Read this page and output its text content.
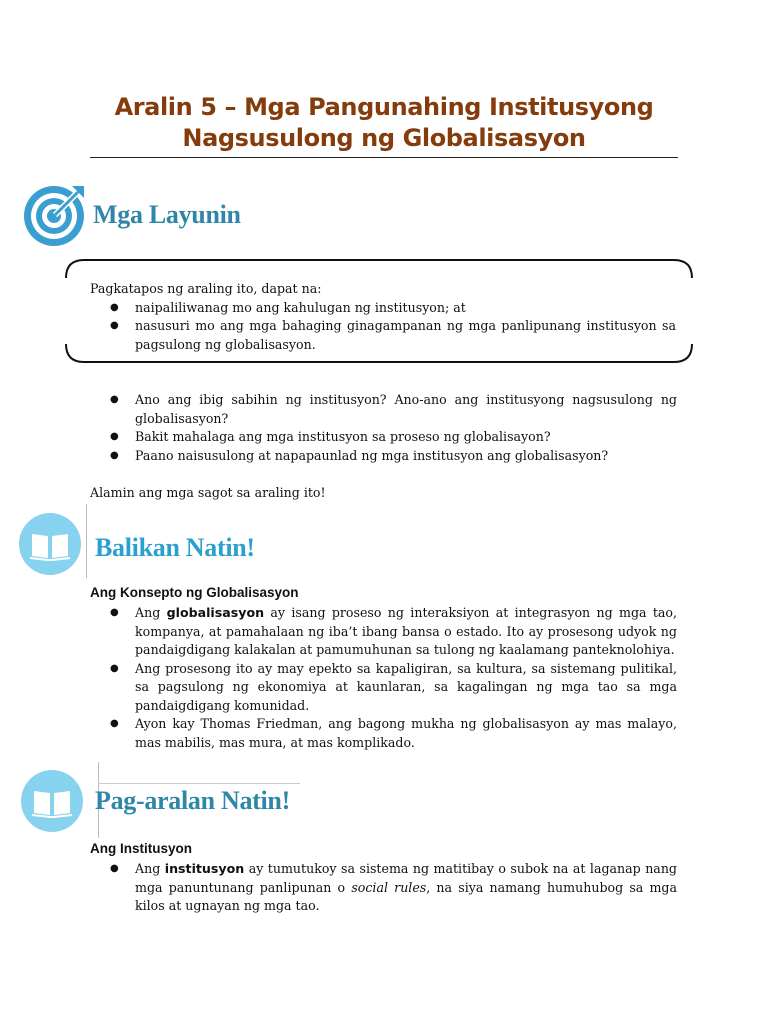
Aralin 5 – Mga Pangunahing Institusyong
Nagsusulong ng Globalisasyon
Mga Layunin

Pagkatapos ng araling ito, dapat na:

● naipaliliwanag mo ang kahulugan ng institusyon; at
● nasusuri mo ang mga bahaging ginagampanan ng mga panlipunang institusyon sa pagsulong ng globalisasyon.
● Ano ang ibig sabihin ng institusyon? Ano-ano ang institusyong nagsusulong ng globalisasyon?
● Bakit mahalaga ang mga institusyon sa proseso ng globalisayon?
● Paano naisusulong at napapaunlad ng mga institusyon ang globalisasyon?

Alamin ang mga sagot sa araling ito!

Balikan Natin!

Ang Konsepto ng Globalisasyon

● Ang globalisasyon ay isang proseso ng interaksiyon at integrasyon ng mga tao, kompanya, at pamahalaan ng iba’t ibang bansa o estado. Ito ay prosesong udyok ng pandaigdigang kalakalan at pamumuhunan sa tulong ng kaalamang panteknolohiya.
● Ang prosesong ito ay may epekto sa kapaligiran, sa kultura, sa sistemang pulitikal, sa pagsulong ng ekonomiya at kaunlaran, sa kagalingan ng mga tao sa mga pandaigdigang komunidad.
● Ayon kay Thomas Friedman, ang bagong mukha ng globalisasyon ay mas malayo, mas mabilis, mas mura, at mas komplikado.
Pag-aralan Natin!

Ang Institusyon

● Ang institusyon ay tumutukoy sa sistema ng matitibay o subok na at laganap nang mga panuntunang panlipunan o social rules, na siya namang humuhubog sa mga kilos at ugnayan ng mga tao.
